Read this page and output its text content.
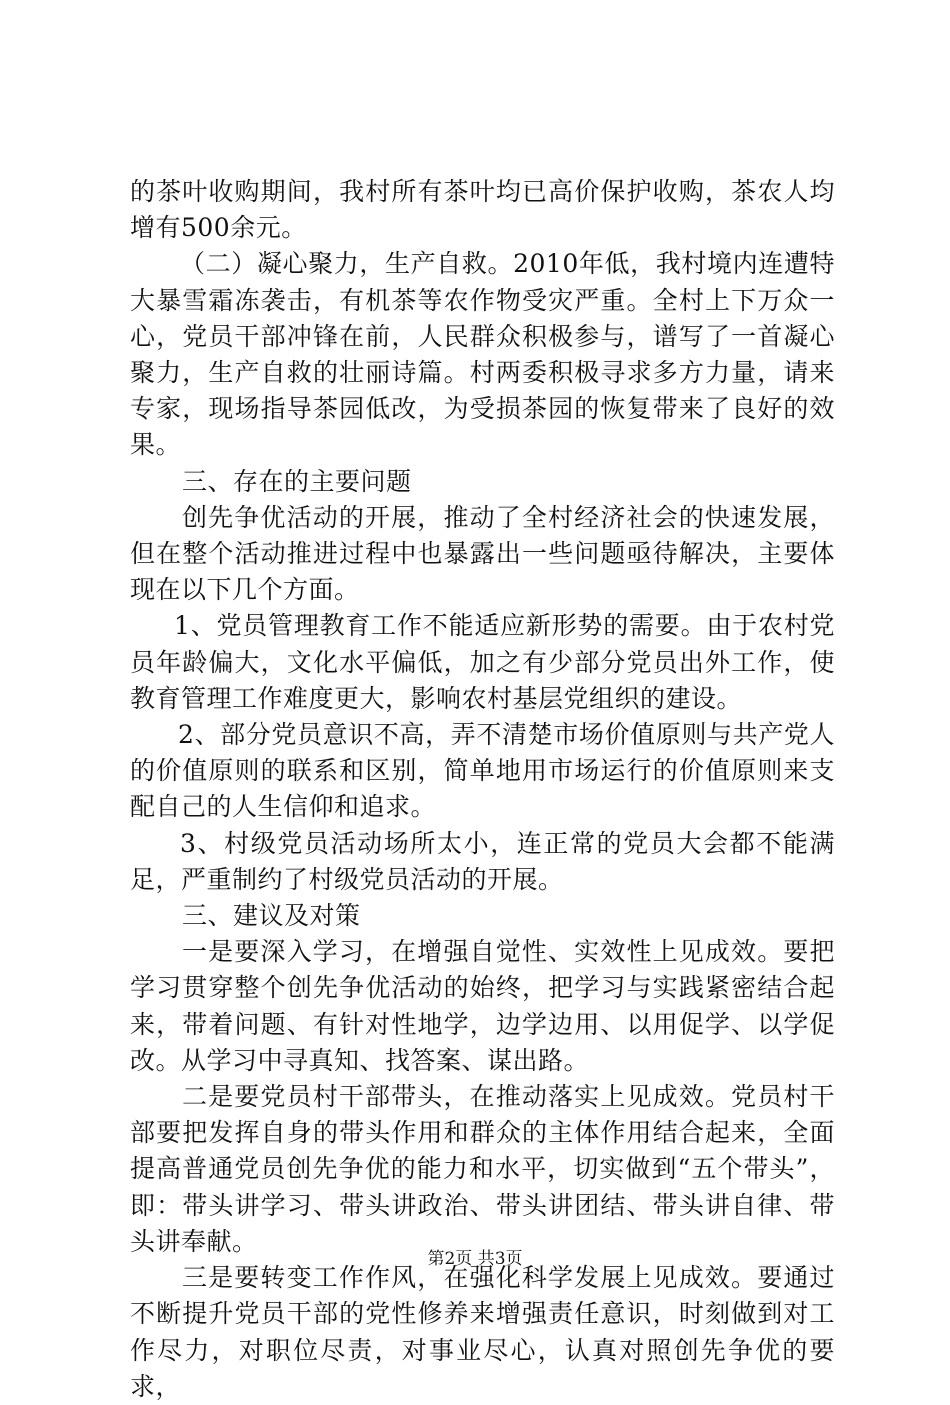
的茶叶收购期间，我村所有茶叶均已高价保护收购，茶农人均增有500余元。

（二）凝心聚力，生产自救。2010年低，我村境内连遭特大暴雪霜冻袭击，有机茶等农作物受灾严重。全村上下万众一心，党员干部冲锋在前，人民群众积极参与，谱写了一首凝心聚力，生产自救的壮丽诗篇。村两委积极寻求多方力量，请来专家，现场指导茶园低改，为受损茶园的恢复带来了良好的效果。

三、存在的主要问题

创先争优活动的开展，推动了全村经济社会的快速发展，但在整个活动推进过程中也暴露出一些问题亟待解决，主要体现在以下几个方面。

1、党员管理教育工作不能适应新形势的需要。由于农村党员年龄偏大，文化水平偏低，加之有少部分党员出外工作，使教育管理工作难度更大，影响农村基层党组织的建设。

2、部分党员意识不高，弄不清楚市场价值原则与共产党人的价值原则的联系和区别，简单地用市场运行的价值原则来支配自己的人生信仰和追求。

3、村级党员活动场所太小，连正常的党员大会都不能满足，严重制约了村级党员活动的开展。

三、建议及对策

一是要深入学习，在增强自觉性、实效性上见成效。要把学习贯穿整个创先争优活动的始终，把学习与实践紧密结合起来，带着问题、有针对性地学，边学边用、以用促学、以学促改。从学习中寻真知、找答案、谋出路。

二是要党员村干部带头，在推动落实上见成效。党员村干部要把发挥自身的带头作用和群众的主体作用结合起来，全面提高普通党员创先争优的能力和水平，切实做到“五个带头”，即：带头讲学习、带头讲政治、带头讲团结、带头讲自律、带头讲奉献。

三是要转变工作作风，在强化科学发展上见成效。要通过不断提升党员干部的党性修养来增强责任意识，时刻做到对工作尽力，对职位尽责，对事业尽心，认真对照创先争优的要求，

第2页 共3页
